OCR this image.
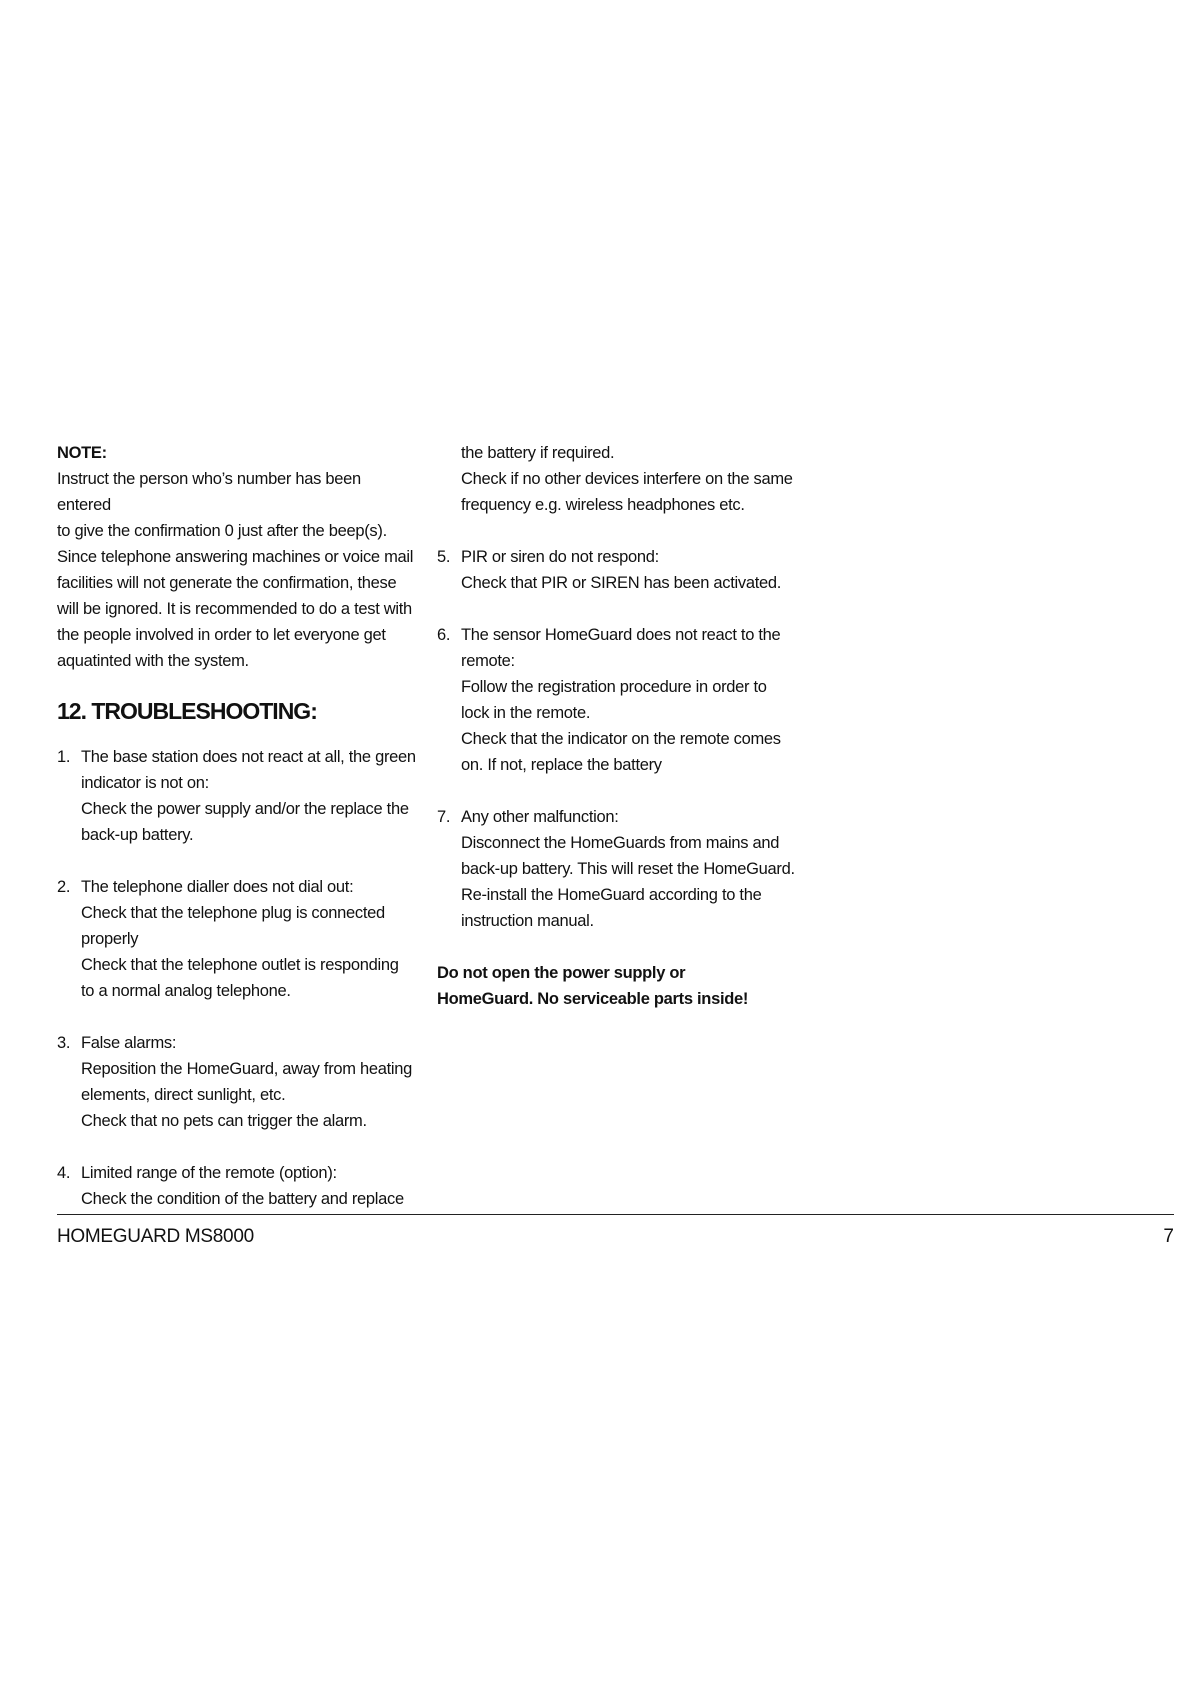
NOTE:

Instruct the person who’s number has been entered
to give the confirmation 0 just after the beep(s).
Since telephone answering machines or voice mail
facilities will not generate the confirmation, these
will be ignored. It is recommended to do a test with
the people involved in order to let everyone get
aquatinted with the system.
12. TROUBLESHOOTING:
1. The base station does not react at all, the green
indicator is not on:
Check the power supply and/or the replace the
back-up battery.
2. The telephone dialler does not dial out:
Check that the telephone plug is connected
properly
Check that the telephone outlet is responding
to a normal analog telephone.
3. False alarms:
Reposition the HomeGuard, away from heating
elements, direct sunlight, etc.
Check that no pets can trigger the alarm.
4. Limited range of the remote (option):
Check the condition of the battery and replace
the battery if required.
Check if no other devices interfere on the same
frequency e.g. wireless headphones etc.
5. PIR or siren do not respond:
Check that PIR or SIREN has been activated.
6. The sensor HomeGuard does not react to the
remote:
Follow the registration procedure in order to
lock in the remote.
Check that the indicator on the remote comes
on. If not, replace the battery
7. Any other malfunction:
Disconnect the HomeGuards from mains and
back-up battery. This will reset the HomeGuard.
Re-install the HomeGuard according to the
instruction manual.
Do not open the power supply or
HomeGuard. No serviceable parts inside!
HOMEGUARD MS8000	7
